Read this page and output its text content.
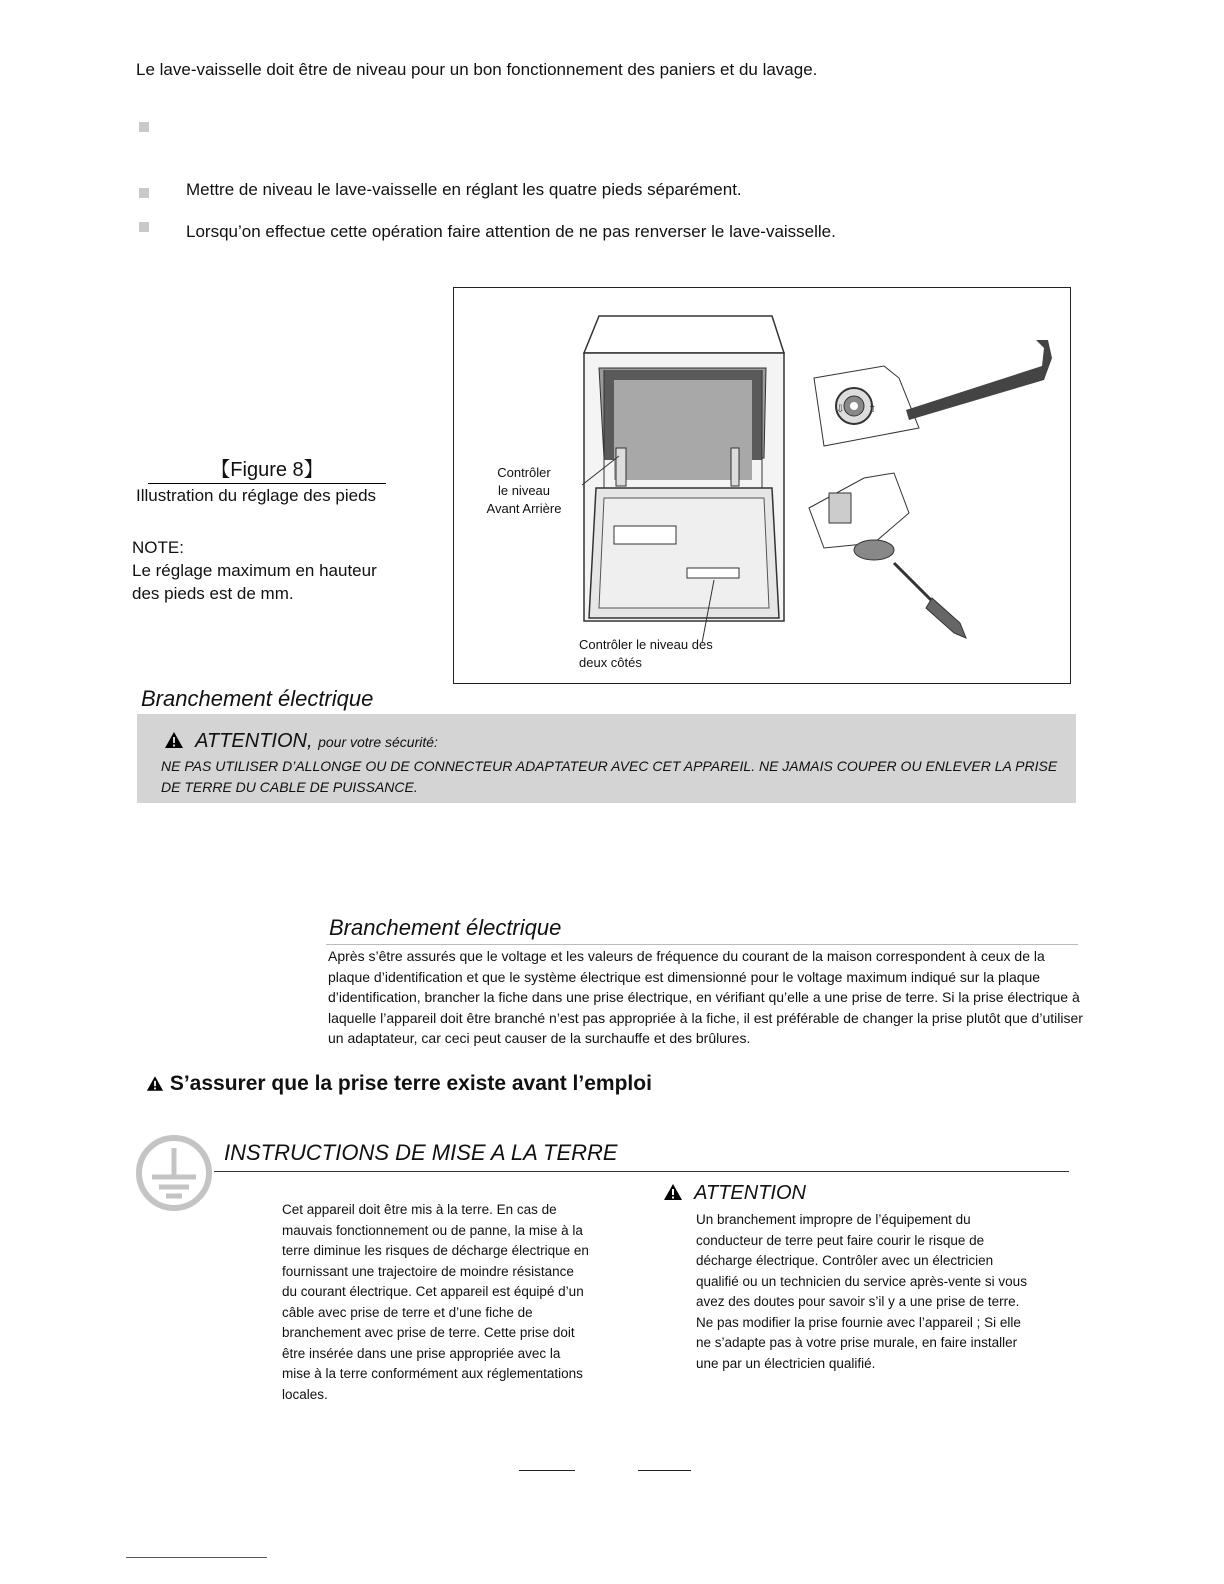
Le lave-vaisselle doit être de niveau pour un bon fonctionnement des paniers et du lavage.
Mettre de niveau le lave-vaisselle en réglant les quatre pieds séparément.
Lorsqu’on effectue cette opération faire attention de ne pas renverser le lave-vaisselle.
【Figure 8】
Illustration du réglage des pieds
NOTE:
Le réglage maximum en hauteur
des pieds est de mm.
⇩ ⇧
Contrôler
le niveau
Avant Arrière
Contrôler le niveau des
deux côtés
Branchement électrique
ATTENTION, pour votre sécurité:
NE PAS UTILISER D’ALLONGE OU DE CONNECTEUR ADAPTATEUR AVEC CET APPAREIL. NE JAMAIS COUPER OU ENLEVER LA PRISE DE TERRE DU CABLE DE PUISSANCE.
Branchement électrique
Après s’être assurés que le voltage et les valeurs de fréquence du courant de la maison correspondent à ceux de la plaque d’identification et que le système électrique est dimensionné pour le voltage maximum indiqué sur la plaque d’identification, brancher la fiche dans une prise électrique, en vérifiant qu’elle a une prise de terre. Si la prise électrique à laquelle l’appareil doit être branché n’est pas appropriée à la fiche, il est préférable de changer la prise plutôt que d’utiliser un adaptateur, car ceci peut causer de la surchauffe et des brûlures.
S’assurer que la prise terre existe avant l’emploi
INSTRUCTIONS DE MISE A LA TERRE
Cet appareil doit être mis à la terre. En cas de mauvais fonctionnement ou de panne, la mise à la terre diminue les risques de décharge électrique en fournissant une trajectoire de moindre résistance du courant électrique. Cet appareil est équipé d’un câble avec prise de terre et d’une fiche de branchement avec prise de terre. Cette prise doit être insérée dans une prise appropriée avec la mise à la terre conformément aux réglementations locales.
ATTENTION
Un branchement impropre de l’équipement du conducteur de terre peut faire courir le risque de décharge électrique. Contrôler avec un électricien qualifié ou un technicien du service après-vente si vous avez des doutes pour savoir s’il y a une prise de terre. Ne pas modifier la prise fournie avec l’appareil ; Si elle ne s’adapte pas à votre prise murale, en faire installer une par un électricien qualifié.
